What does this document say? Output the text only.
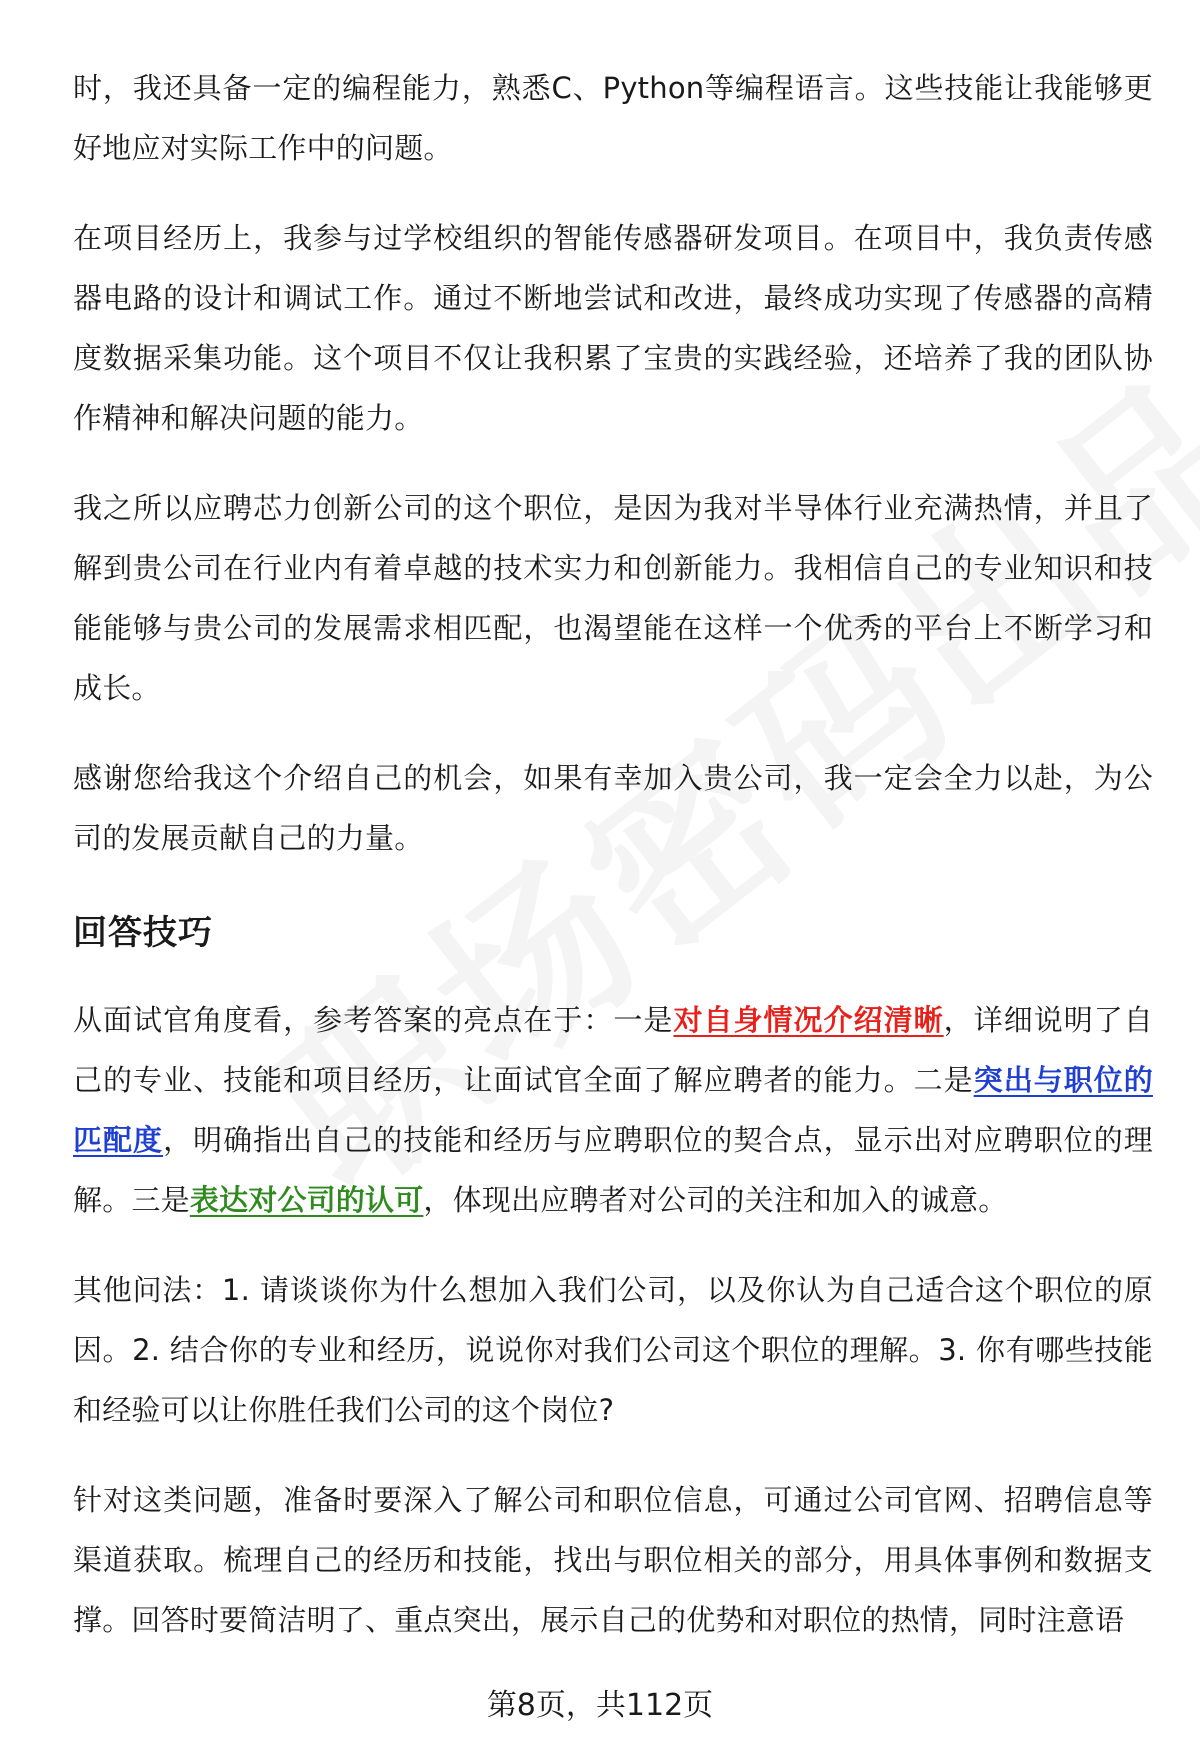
时，我还具备一定的编程能力，熟悉C、Python等编程语言。这些技能让我能够更好地应对实际工作中的问题。

在项目经历上，我参与过学校组织的智能传感器研发项目。在项目中，我负责传感器电路的设计和调试工作。通过不断地尝试和改进，最终成功实现了传感器的高精度数据采集功能。这个项目不仅让我积累了宝贵的实践经验，还培养了我的团队协作精神和解决问题的能力。

我之所以应聘芯力创新公司的这个职位，是因为我对半导体行业充满热情，并且了解到贵公司在行业内有着卓越的技术实力和创新能力。我相信自己的专业知识和技能能够与贵公司的发展需求相匹配，也渴望能在这样一个优秀的平台上不断学习和成长。

感谢您给我这个介绍自己的机会，如果有幸加入贵公司，我一定会全力以赴，为公司的发展贡献自己的力量。

回答技巧

从面试官角度看，参考答案的亮点在于：一是对自身情况介绍清晰，详细说明了自己的专业、技能和项目经历，让面试官全面了解应聘者的能力。二是突出与职位的匹配度，明确指出自己的技能和经历与应聘职位的契合点，显示出对应聘职位的理解。三是表达对公司的认可，体现出应聘者对公司的关注和加入的诚意。

其他问法：1. 请谈谈你为什么想加入我们公司，以及你认为自己适合这个职位的原因。2. 结合你的专业和经历，说说你对我们公司这个职位的理解。3. 你有哪些技能和经验可以让你胜任我们公司的这个岗位?

针对这类问题，准备时要深入了解公司和职位信息，可通过公司官网、招聘信息等渠道获取。梳理自己的经历和技能，找出与职位相关的部分，用具体事例和数据支撑。回答时要简洁明了、重点突出，展示自己的优势和对职位的热情，同时注意语

第8页，共112页
